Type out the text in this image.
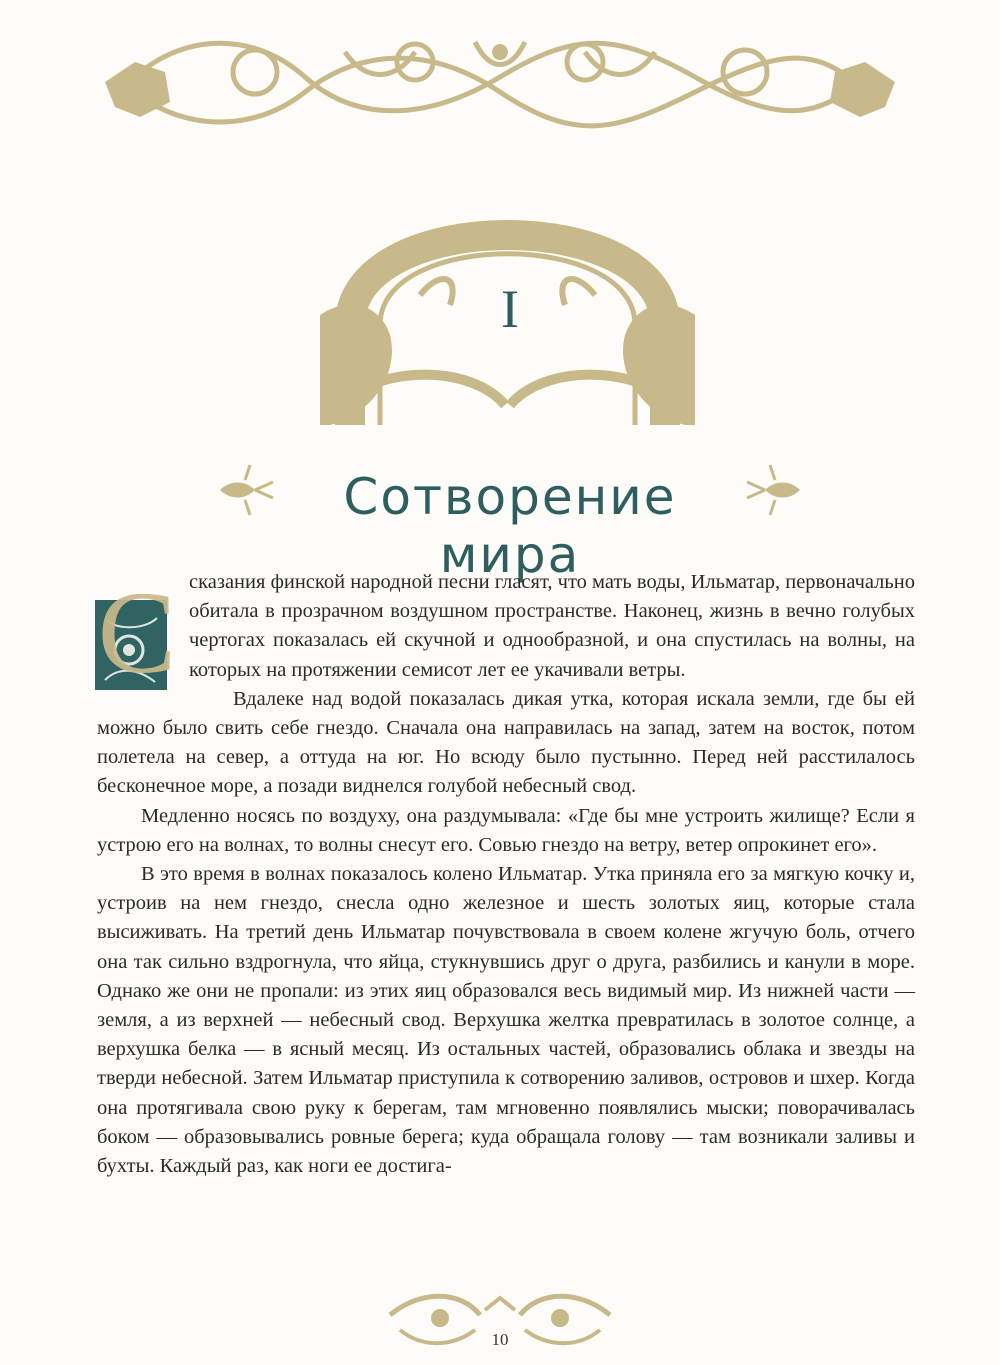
I
Сотворение мира

С сказания финской народной песни гласят, что мать воды, Ильматар, первоначально обитала в прозрачном воздушном пространстве. Наконец, жизнь в вечно голубых чертогах показалась ей скучной и однообразной, и она спустилась на волны, на которых на протяжении семисот лет ее укачивали ветры.

Вдалеке над водой показалась дикая утка, которая искала земли, где бы ей можно было свить себе гнездо. Сначала она направилась на запад, затем на восток, потом полетела на север, а оттуда на юг. Но всюду было пустынно. Перед ней расстилалось бесконечное море, а позади виднелся голубой небесный свод.

Медленно носясь по воздуху, она раздумывала: «Где бы мне устроить жилище? Если я устрою его на волнах, то волны снесут его. Совью гнездо на ветру, ветер опрокинет его».

В это время в волнах показалось колено Ильматар. Утка приняла его за мягкую кочку и, устроив на нем гнездо, снесла одно железное и шесть золотых яиц, которые стала высиживать. На третий день Ильматар почувствовала в своем колене жгучую боль, отчего она так сильно вздрогнула, что яйца, стукнувшись друг о друга, разбились и канули в море. Однако же они не пропали: из этих яиц образовался весь видимый мир. Из нижней части — земля, а из верхней — небесный свод. Верхушка желтка превратилась в золотое солнце, а верхушка белка — в ясный месяц. Из остальных частей, образовались облака и звезды на тверди небесной. Затем Ильматар приступила к сотворению заливов, островов и шхер. Когда она протягивала свою руку к берегам, там мгновенно появлялись мыски; поворачивалась боком — образовывались ровные берега; куда обращала голову — там возникали заливы и бухты. Каждый раз, как ноги ее достига-

10
